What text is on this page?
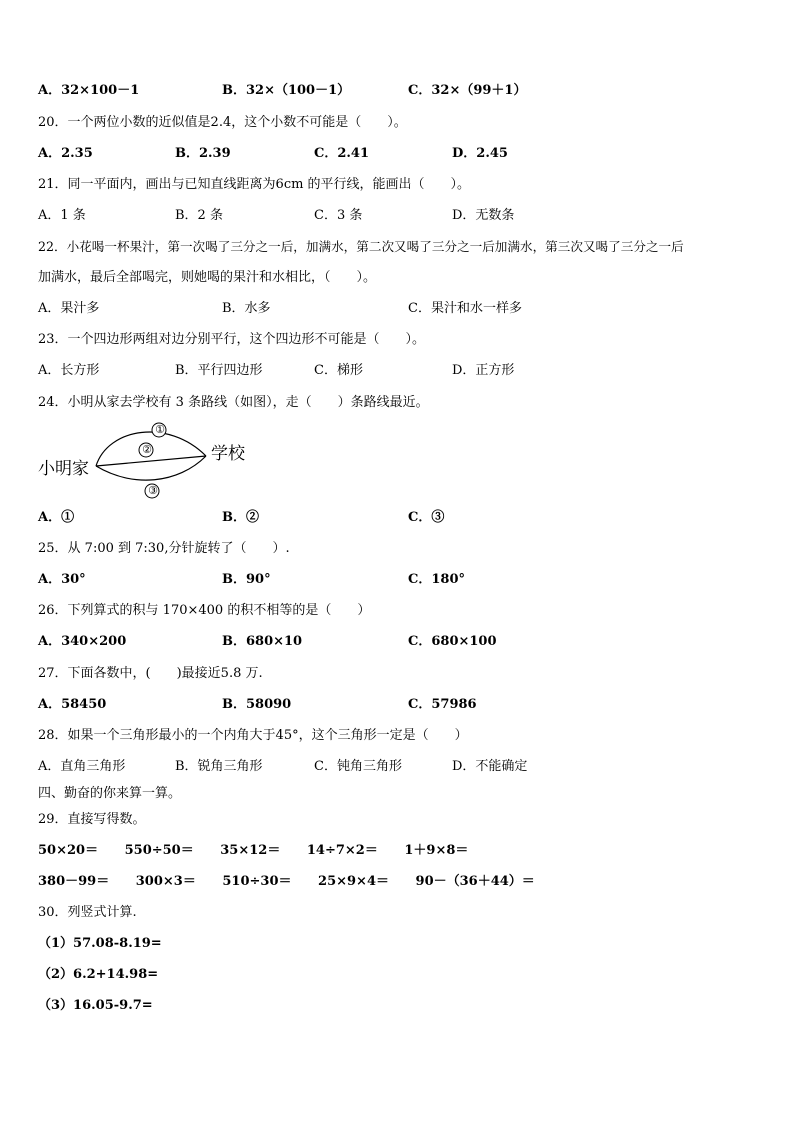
A．32×100－1	B．32×（100－1）	C．32×（99＋1）
20．一个两位小数的近似值是2.4，这个小数不可能是（　　）。
A．2.35	B．2.39	C．2.41	D．2.45
21．同一平面内，画出与已知直线距离为6cm 的平行线，能画出（　　）。
A．1 条	B．2 条	C．3 条	D．无数条
22．小花喝一杯果汁，第一次喝了三分之一后，加满水，第二次又喝了三分之一后加满水，第三次又喝了三分之一后
加满水，最后全部喝完，则她喝的果汁和水相比，（　　）。
A．果汁多	B．水多	C．果汁和水一样多
23．一个四边形两组对边分别平行，这个四边形不可能是（　　）。
A．长方形	B．平行四边形	C．梯形	D．正方形
24．小明从家去学校有 3 条路线（如图），走（　　）条路线最近。
①
②
③
小明家
学校
A．①	B．②	C．③
25．从 7:00 到 7:30,分针旋转了（　　）.
A．30°	B．90°	C．180°
26．下列算式的积与 170×400 的积不相等的是（　　）
A．340×200	B．680×10	C．680×100
27．下面各数中，(　　)最接近5.8 万.
A．58450	B．58090	C．57986
28．如果一个三角形最小的一个内角大于45°，这个三角形一定是（　　）
A．直角三角形	B．锐角三角形	C．钝角三角形	D．不能确定
四、勤奋的你来算一算。
29．直接写得数。
50×20＝ 550÷50＝ 35×12＝ 14÷7×2＝ 1＋9×8＝
380－99＝ 300×3＝ 510÷30＝ 25×9×4＝ 90－（36＋44）＝
30．列竖式计算.
（1）57.08-8.19=
（2）6.2+14.98=
（3）16.05-9.7=
